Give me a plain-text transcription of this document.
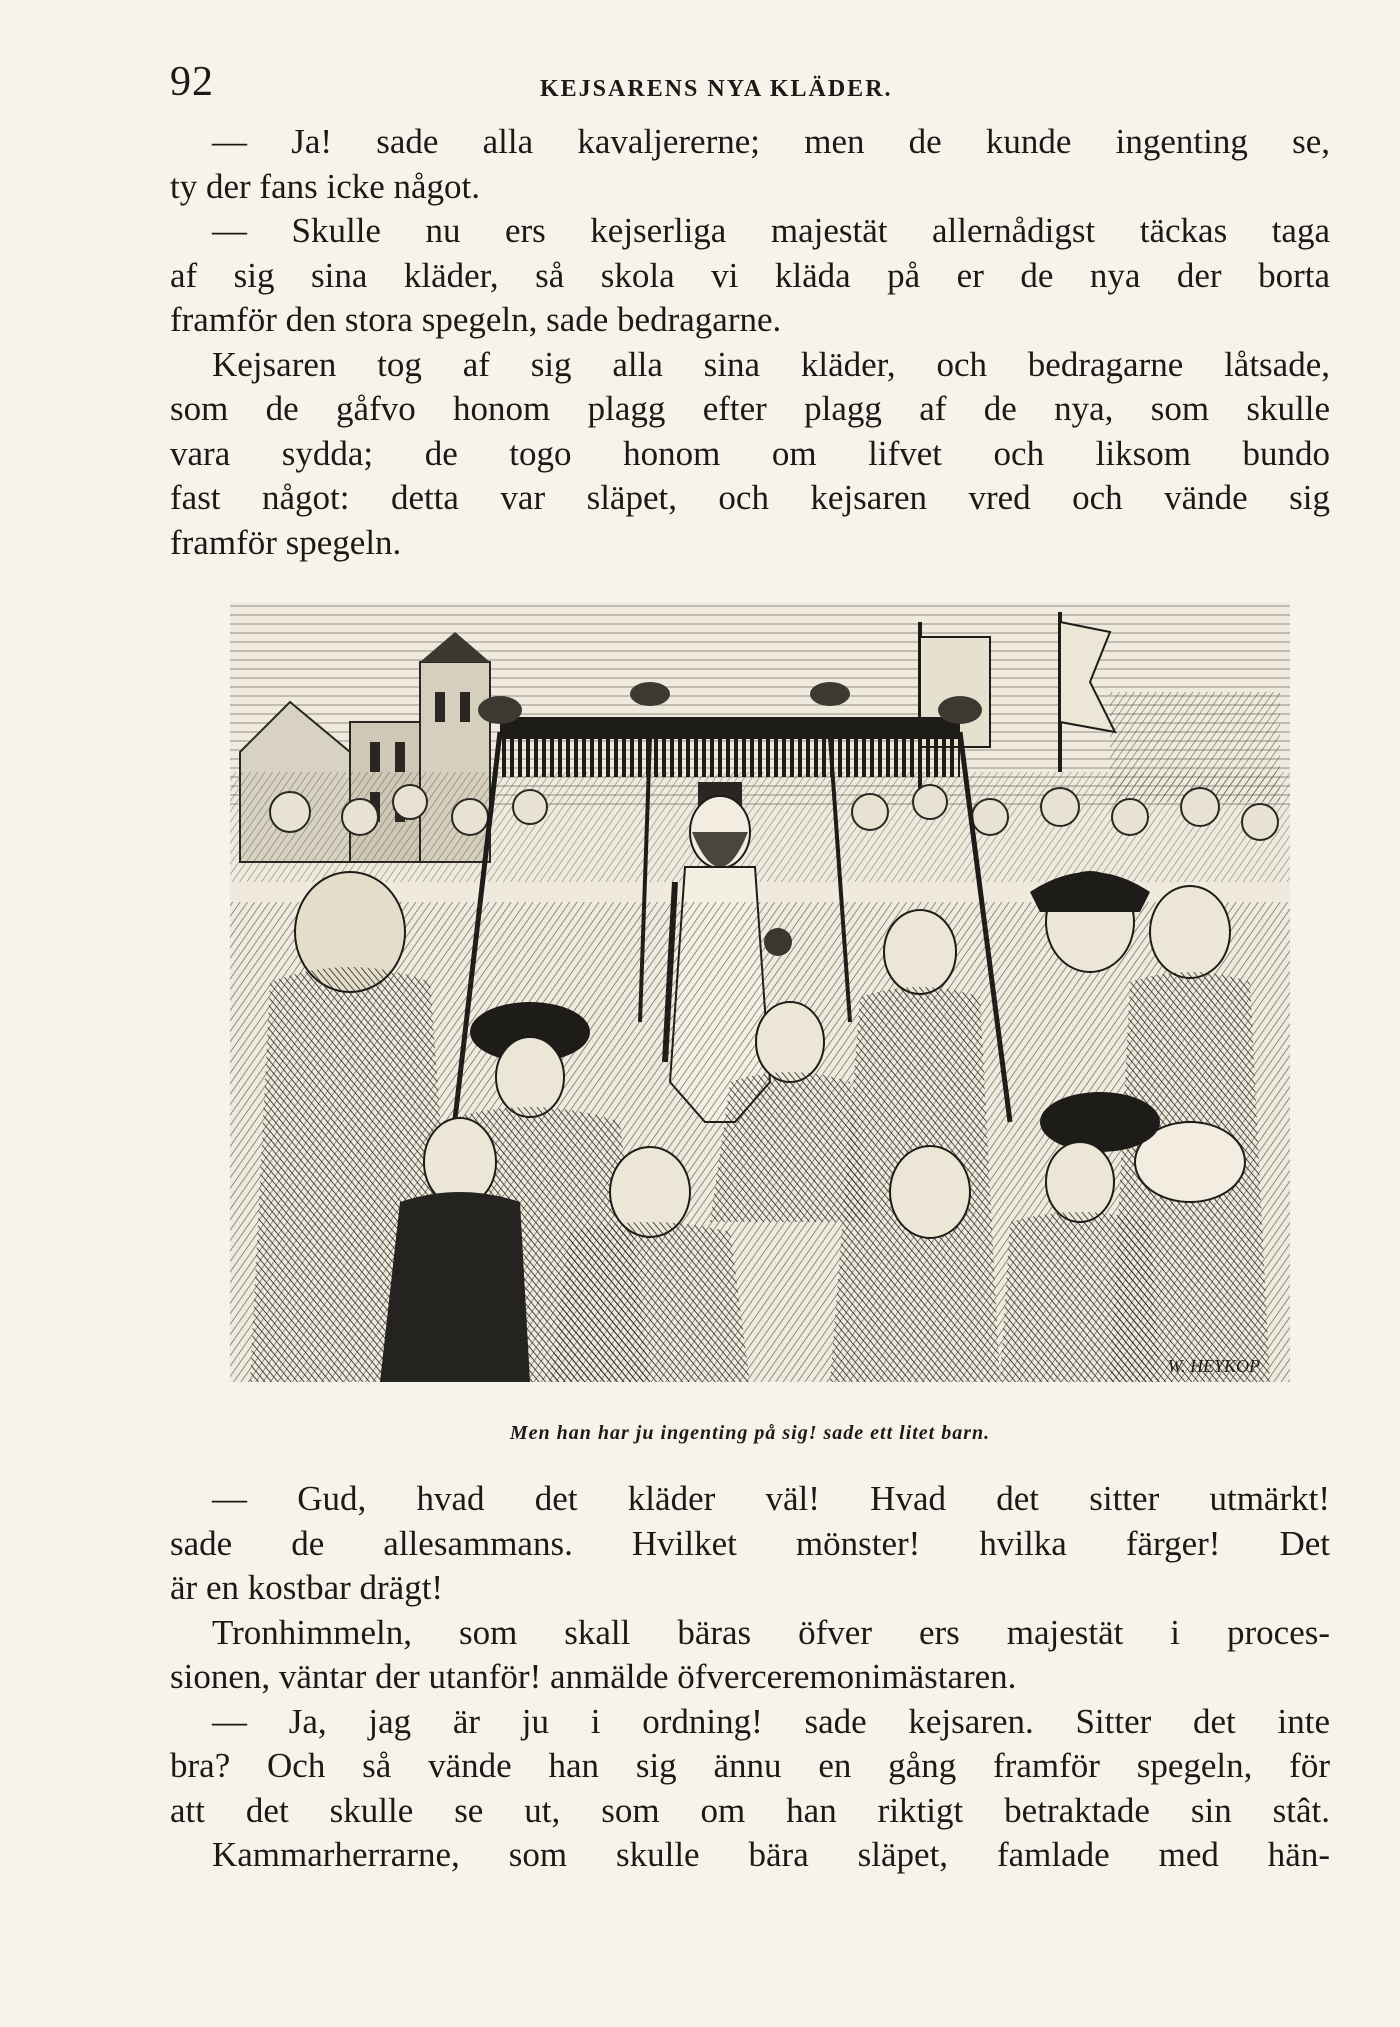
92	KEJSARENS NYA KLÄDER.
— Ja! sade alla kavaljererne; men de kunde ingenting se,
ty der fans icke något.
— Skulle nu ers kejserliga majestät allernådigst täckas taga
af sig sina kläder, så skola vi kläda på er de nya der borta
framför den stora spegeln, sade bedragarne.
Kejsaren tog af sig alla sina kläder, och bedragarne låtsade,
som de gåfvo honom plagg efter plagg af de nya, som skulle
vara sydda; de togo honom om lifvet och liksom bundo
fast något: detta var släpet, och kejsaren vred och vände sig
framför spegeln.
W. HEYKOP
Men han har ju ingenting på sig! sade ett litet barn.
— Gud, hvad det kläder väl! Hvad det sitter utmärkt!
sade de allesammans. Hvilket mönster! hvilka färger! Det
är en kostbar drägt!
Tronhimmeln, som skall bäras öfver ers majestät i proces-
sionen, väntar der utanför! anmälde öfverceremonimästaren.
— Ja, jag är ju i ordning! sade kejsaren. Sitter det inte
bra? Och så vände han sig ännu en gång framför spegeln, för
att det skulle se ut, som om han riktigt betraktade sin stât.
Kammarherrarne, som skulle bära släpet, famlade med hän-
